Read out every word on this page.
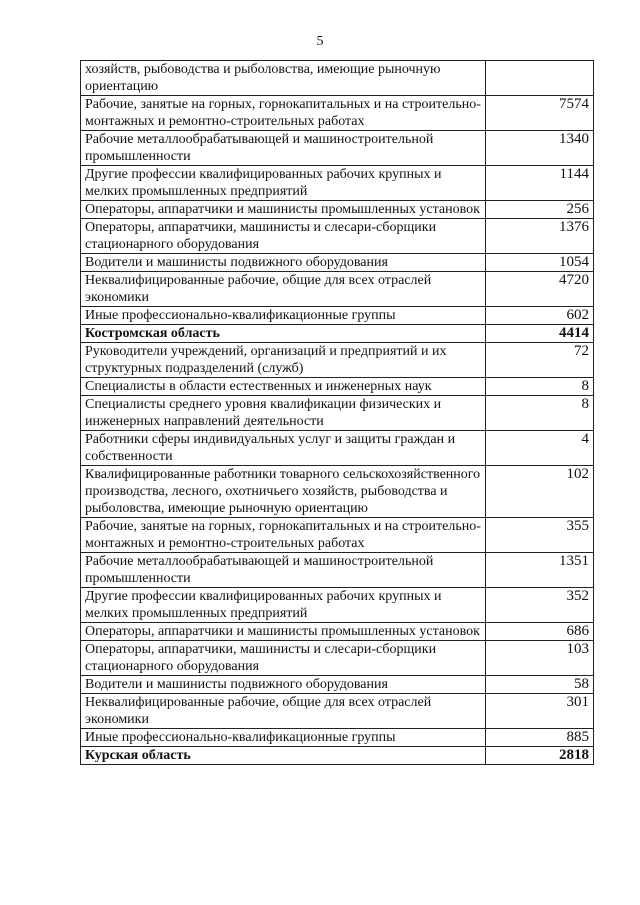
5
хозяйств, рыбоводства и рыболовства, имеющие рыночную ориентацию	
Рабочие, занятые на горных, горнокапитальных и на строительно-монтажных и ремонтно-строительных работах	7574
Рабочие металлообрабатывающей и машиностроительной промышленности	1340
Другие профессии квалифицированных рабочих крупных и мелких промышленных предприятий	1144
Операторы, аппаратчики и машинисты промышленных установок	256
Операторы, аппаратчики, машинисты и слесари-сборщики стационарного оборудования	1376
Водители и машинисты подвижного оборудования	1054
Неквалифицированные рабочие, общие для всех отраслей экономики	4720
Иные профессионально-квалификационные группы	602
Костромская область	4414
Руководители учреждений, организаций и предприятий и их структурных подразделений (служб)	72
Специалисты в области естественных и инженерных наук	8
Специалисты среднего уровня квалификации физических и инженерных направлений деятельности	8
Работники сферы индивидуальных услуг и защиты граждан и собственности	4
Квалифицированные работники товарного сельскохозяйственного производства, лесного, охотничьего хозяйств, рыбоводства и рыболовства, имеющие рыночную ориентацию	102
Рабочие, занятые на горных, горнокапитальных и на строительно-монтажных и ремонтно-строительных работах	355
Рабочие металлообрабатывающей и машиностроительной промышленности	1351
Другие профессии квалифицированных рабочих крупных и мелких промышленных предприятий	352
Операторы, аппаратчики и машинисты промышленных установок	686
Операторы, аппаратчики, машинисты и слесари-сборщики стационарного оборудования	103
Водители и машинисты подвижного оборудования	58
Неквалифицированные рабочие, общие для всех отраслей экономики	301
Иные профессионально-квалификационные группы	885
Курская область	2818
